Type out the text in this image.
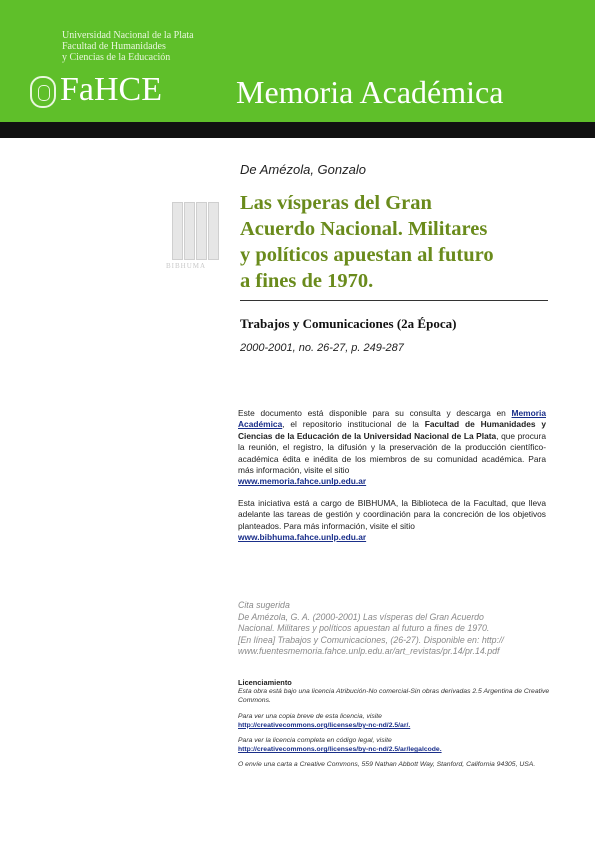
Universidad Nacional de la Plata
Facultad de Humanidades
y Ciencias de la Educación
FaHCE Memoria Académica
BIBHUMA
De Amézola, Gonzalo
Las vísperas del Gran
Acuerdo Nacional. Militares
y políticos apuestan al futuro
a fines de 1970.
Trabajos y Comunicaciones (2a Época)
2000-2001, no. 26-27, p. 249-287

Este documento está disponible para su consulta y descarga en Memoria Académica, el repositorio institucional de la Facultad de Humanidades y Ciencias de la Educación de la Universidad Nacional de La Plata, que procura la reunión, el registro, la difusión y la preservación de la producción científico-académica édita e inédita de los miembros de su comunidad académica. Para más información, visite el sitio
www.memoria.fahce.unlp.edu.ar

Esta iniciativa está a cargo de BIBHUMA, la Biblioteca de la Facultad, que lleva adelante las tareas de gestión y coordinación para la concreción de los objetivos planteados. Para más información, visite el sitio
www.bibhuma.fahce.unlp.edu.ar

Cita sugerida
De Amézola, G. A. (2000-2001) Las vísperas del Gran Acuerdo
Nacional. Militares y políticos apuestan al futuro a fines de 1970.
[En línea] Trabajos y Comunicaciones, (26-27). Disponible en: http://
www.fuentesmemoria.fahce.unlp.edu.ar/art_revistas/pr.14/pr.14.pdf
Licenciamiento
Esta obra está bajo una licencia Atribución-No comercial-Sin obras derivadas 2.5 Argentina de Creative Commons.
Para ver una copia breve de esta licencia, visite
http://creativecommons.org/licenses/by-nc-nd/2.5/ar/.
Para ver la licencia completa en código legal, visite
http://creativecommons.org/licenses/by-nc-nd/2.5/ar/legalcode.
O envíe una carta a Creative Commons, 559 Nathan Abbott Way, Stanford, California 94305, USA.
